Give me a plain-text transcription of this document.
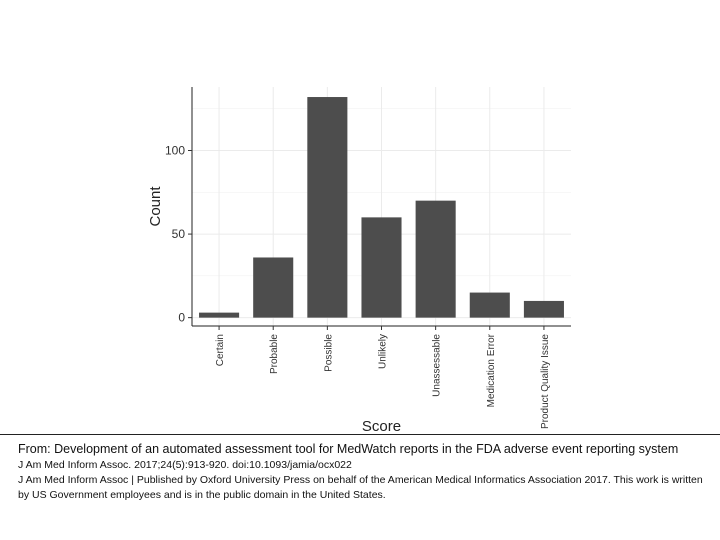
0
50
100
Certain	Probable	Possible	Unlikely	Unassessable	Medication Error	Product Quality Issue
Count
Score
From: Development of an automated assessment tool for MedWatch reports in the FDA adverse event reporting system
J Am Med Inform Assoc. 2017;24(5):913-920. doi:10.1093/jamia/ocx022
J Am Med Inform Assoc | Published by Oxford University Press on behalf of the American Medical Informatics Association 2017. This work is written by US Government employees and is in the public domain in the United States.
